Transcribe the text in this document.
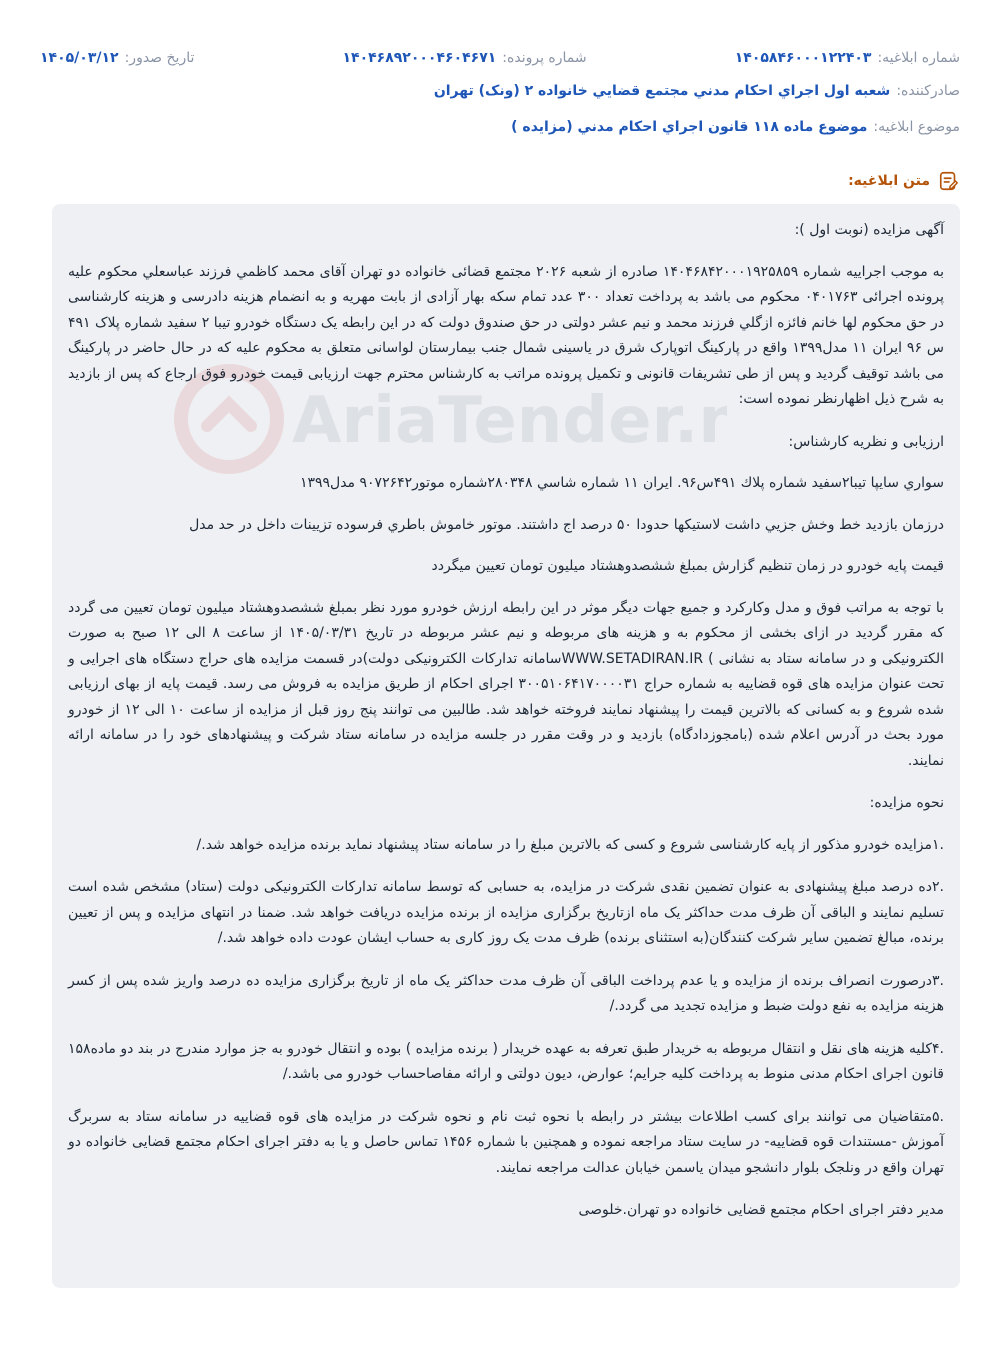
شماره ابلاغیه:
۱۴۰۵۸۴۶۰۰۰۱۲۲۴۰۳
شماره پرونده:
۱۴۰۴۶۸۹۲۰۰۰۴۶۰۴۶۷۱
تاریخ صدور:
۱۴۰۵/۰۳/۱۲
صادرکننده:
شعبه اول اجراي احكام مدني مجتمع قضايي خانواده ۲ (ونک) تهران
موضوع ابلاغیه:
موضوع ماده ۱۱۸ قانون اجراي احكام مدني (مزايده )
متن ابلاغیه:
AriaTender.n

آگهی مزایده (نوبت اول ):

به موجب اجراییه شماره ۱۴۰۴۶۸۴۲۰۰۰۱۹۲۵۸۵۹ صادره از شعبه ۲۰۲۶ مجتمع قضائی خانواده دو تهران آقای محمد کاظمي فرزند عباسعلي محکوم علیه پرونده اجرائی ۰۴۰۱۷۶۳ محکوم می باشد به پرداخت تعداد ۳۰۰ عدد تمام سکه بهار آزادی از بابت مهریه و به انضمام هزینه دادرسی و هزینه کارشناسی در حق محکوم لها خانم فائزه ازگلي فرزند محمد و نیم عشر دولتی در حق صندوق دولت که در این رابطه یک دستگاه خودرو تیبا ۲ سفید شماره پلاک ۴۹۱ س ۹۶ ایران ۱۱ مدل۱۳۹۹ واقع در پارکینگ اتوپارک شرق در یاسینی شمال جنب بیمارستان لواسانی متعلق به محکوم علیه که در حال حاضر در پارکینگ می باشد توقیف گردید و پس از طی تشریفات قانونی و تکمیل پرونده مراتب به کارشناس محترم جهت ارزیابی قیمت خودرو فوق ارجاع که پس از بازدید به شرح ذیل اظهارنظر نموده است:

ارزیابی و نظریه کارشناس:

سواري سايپا تيبا۲سفيد شماره پلاك ۴۹۱س۹۶. ايران ۱۱ شماره شاسي ۲۸۰۳۴۸شماره موتور۹۰۷۲۶۴۲ مدل۱۳۹۹

درزمان بازديد خط وخش جزيي داشت لاستيكها حدودا ۵۰ درصد اج داشتند. موتور خاموش باطري فرسوده تزيينات داخل در حد مدل

قيمت پايه خودرو در زمان تنظيم گزارش بمبلغ ششصدوهشتاد ميليون تومان تعيين ميگردد

با توجه به مراتب فوق و مدل وکارکرد و جمیع جهات دیگر موثر در این رابطه ارزش خودرو مورد نظر بمبلغ ششصدوهشتاد میلیون تومان تعیین می گردد که مقرر گردید در ازای بخشی از محکوم به و هزینه های مربوطه و نیم عشر مربوطه در تاریخ ۱۴۰۵/۰۳/۳۱ از ساعت ۸ الی ۱۲ صبح به صورت الکترونیکی و در سامانه ستاد به نشانی ) WWW.SETADIRAN.IRسامانه تدارکات الکترونیکی دولت)در قسمت مزایده های حراج دستگاه های اجرایی و تحت عنوان مزایده های قوه قضاییه به شماره حراج ۳۰۰۵۱۰۶۴۱۷۰۰۰۰۳۱ اجرای احکام از طریق مزایده به فروش می رسد. قیمت پایه از بهای ارزیابی شده شروع و به کسانی که بالاترین قیمت را پیشنهاد نمایند فروخته خواهد شد. طالبین می توانند پنج روز قبل از مزایده از ساعت ۱۰ الی ۱۲ از خودرو مورد بحث در آدرس اعلام شده (بامجوزدادگاه) بازدید و در وقت مقرر در جلسه مزایده در سامانه ستاد شرکت و پیشنهادهای خود را در سامانه ارائه نمایند.

نحوه مزایده:

.۱مزایده خودرو مذکور از پایه کارشناسی شروع و کسی که بالاترین مبلغ را در سامانه ستاد پیشنهاد نماید برنده مزایده خواهد شد./

.۲ده درصد مبلغ پیشنهادی به عنوان تضمین نقدی شرکت در مزایده، به حسابی که توسط سامانه تدارکات الکترونیکی دولت (ستاد) مشخص شده است تسلیم نمایند و الباقی آن ظرف مدت حداکثر یک ماه ازتاریخ برگزاری مزایده از برنده مزایده دریافت خواهد شد. ضمنا در انتهای مزایده و پس از تعیین برنده، مبالغ تضمین سایر شرکت کنندگان(به استثنای برنده) ظرف مدت یک روز کاری به حساب ایشان عودت داده خواهد شد./

.۳درصورت انصراف برنده از مزایده و یا عدم پرداخت الباقی آن ظرف مدت حداکثر یک ماه از تاریخ برگزاری مزایده ده درصد واریز شده پس از کسر هزینه مزایده به نفع دولت ضبط و مزایده تجدید می گردد./

.۴کلیه هزینه های نقل و انتقال مربوطه به خریدار طبق تعرفه به عهده خریدار ( برنده مزایده ) بوده و انتقال خودرو به جز موارد مندرج در بند دو ماده۱۵۸ قانون اجرای احکام مدنی منوط به پرداخت کلیه جرایم؛ عوارض، دیون دولتی و ارائه مفاصاحساب خودرو می باشد./

.۵متقاضیان می توانند برای کسب اطلاعات بیشتر در رابطه با نحوه ثبت نام و نحوه شرکت در مزایده های قوه قضاییه در سامانه ستاد به سربرگ آموزش -مستندات قوه قضاییه- در سایت ستاد مراجعه نموده و همچنین با شماره ۱۴۵۶ تماس حاصل و یا به دفتر اجرای احکام مجتمع قضایی خانواده دو تهران واقع در ونلجک بلوار دانشجو میدان یاسمن خیابان عدالت مراجعه نمایند.

مدیر دفتر اجرای احکام مجتمع قضایی خانواده دو تهران.خلوصی
